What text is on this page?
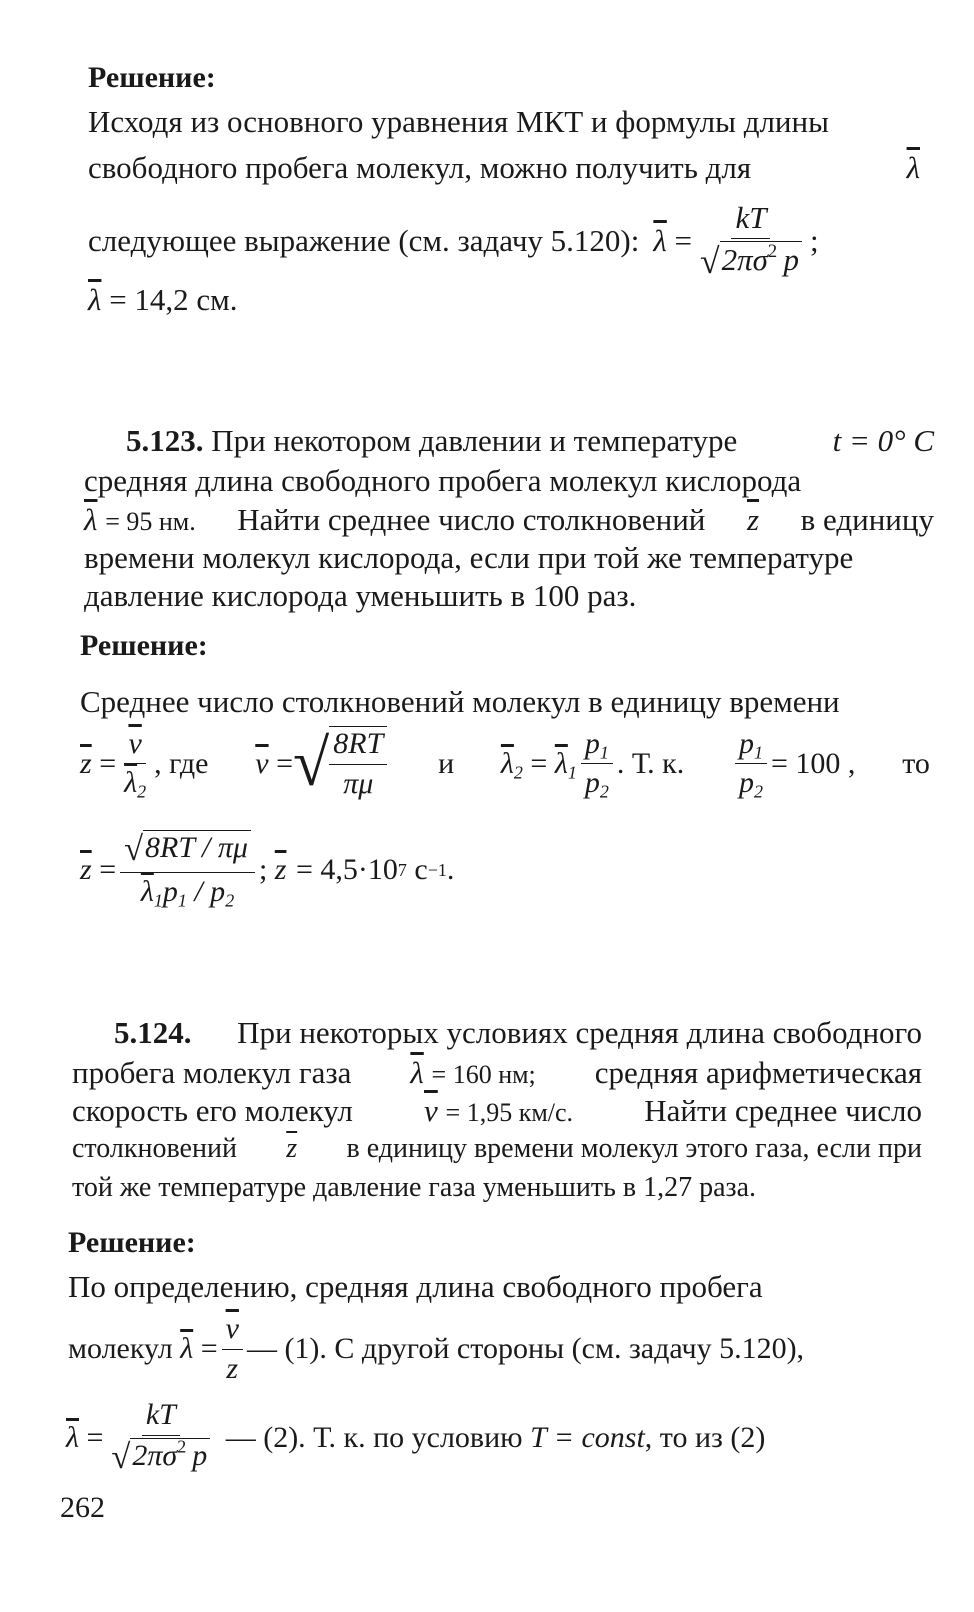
Решение:
Исходя из основного уравнения МКТ и формулы длины
свободного пробега молекул, можно получить для	$\overline{\lambda}$
следующее выражение (см. задачу 5.120): $\overline{\lambda} = \frac{kT}{√2\pi\sigma^2 p}$ ;
$\overline{\lambda} = 14,2$ см.
5.123. При некотором давлении и температуре	t = 0° C
средняя длина свободного пробега молекул кислорода
$\overline{\lambda} = 95$ нм. Найти среднее число столкновений $\overline{z}$ в единицу
времени молекул кислорода, если при той же температуре
давление кислорода уменьшить в 100 раз.
Решение:
Среднее число столкновений молекул в единицу времени
$\overline{z} = \frac{\overline{v}}{\overline{\lambda}_2}$ , где $\overline{v}$ = √ $\frac{8RT}{\pi\mu}$ и $\overline{\lambda}_2 = \overline{\lambda}_1 \frac{p_1}{p_2}$ . Т. к. $\frac{p_1}{p_2} = 100$ , то
$\overline{z} = \frac{√8RT / \pi\mu}{\overline{\lambda}_1p_1 / p_2}$ ; $\overline{z} = 4,5\cdot 10$ 7
с −1 .
5.124. При некоторых условиях средняя длина свободного
пробега молекул газа $\overline{\lambda} = 160$ нм; средняя арифметическая
скорость его молекул $\overline{v} = 1,95$ км/с. Найти среднее число
столкновений $\overline{z}$ в единицу времени молекул этого газа, если при
той же температуре давление газа уменьшить в 1,27 раза.
Решение:
По определению, средняя длина свободного пробега
молекул
$\overline{\lambda} = \frac{\overline{v}}{z}$ — (1). С другой стороны (см. задачу 5.120),
$\overline{\lambda} = \frac{kT}{√2\pi\sigma^2 p}$
— (2). Т. к. по условию
T = const , то из (2)
262
